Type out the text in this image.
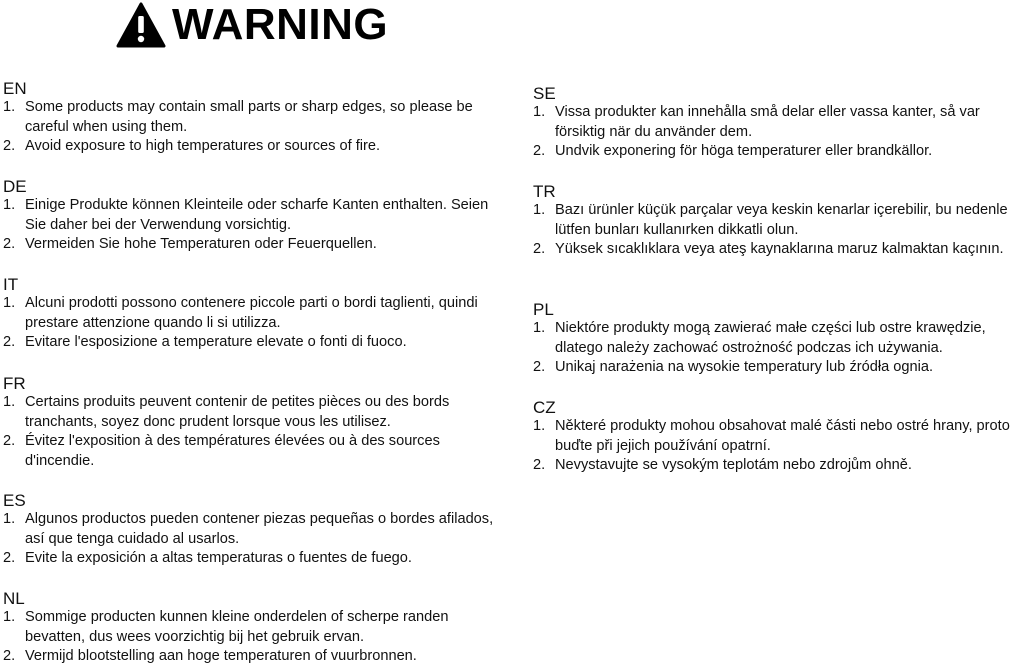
WARNING
EN
1. Some products may contain small parts or sharp edges, so please be careful when using them.
2. Avoid exposure to high temperatures or sources of fire.
DE
1. Einige Produkte können Kleinteile oder scharfe Kanten enthalten. Seien Sie daher bei der Verwendung vorsichtig.
2. Vermeiden Sie hohe Temperaturen oder Feuerquellen.
IT
1. Alcuni prodotti possono contenere piccole parti o bordi taglienti, quindi prestare attenzione quando li si utilizza.
2. Evitare l'esposizione a temperature elevate o fonti di fuoco.
FR
1. Certains produits peuvent contenir de petites pièces ou des bords tranchants, soyez donc prudent lorsque vous les utilisez.
2. Évitez l'exposition à des températures élevées ou à des sources d'incendie.
ES
1. Algunos productos pueden contener piezas pequeñas o bordes afilados, así que tenga cuidado al usarlos.
2. Evite la exposición a altas temperaturas o fuentes de fuego.
NL
1. Sommige producten kunnen kleine onderdelen of scherpe randen bevatten, dus wees voorzichtig bij het gebruik ervan.
2. Vermijd blootstelling aan hoge temperaturen of vuurbronnen.
SE
1. Vissa produkter kan innehålla små delar eller vassa kanter, så var försiktig när du använder dem.
2. Undvik exponering för höga temperaturer eller brandkällor.
TR
1. Bazı ürünler küçük parçalar veya keskin kenarlar içerebilir, bu nedenle lütfen bunları kullanırken dikkatli olun.
2. Yüksek sıcaklıklara veya ateş kaynaklarına maruz kalmaktan kaçının.
PL
1. Niektóre produkty mogą zawierać małe części lub ostre krawędzie, dlatego należy zachować ostrożność podczas ich używania.
2. Unikaj narażenia na wysokie temperatury lub źródła ognia.
CZ
1. Některé produkty mohou obsahovat malé části nebo ostré hrany, proto buďte při jejich používání opatrní.
2. Nevystavujte se vysokým teplotám nebo zdrojům ohně.
